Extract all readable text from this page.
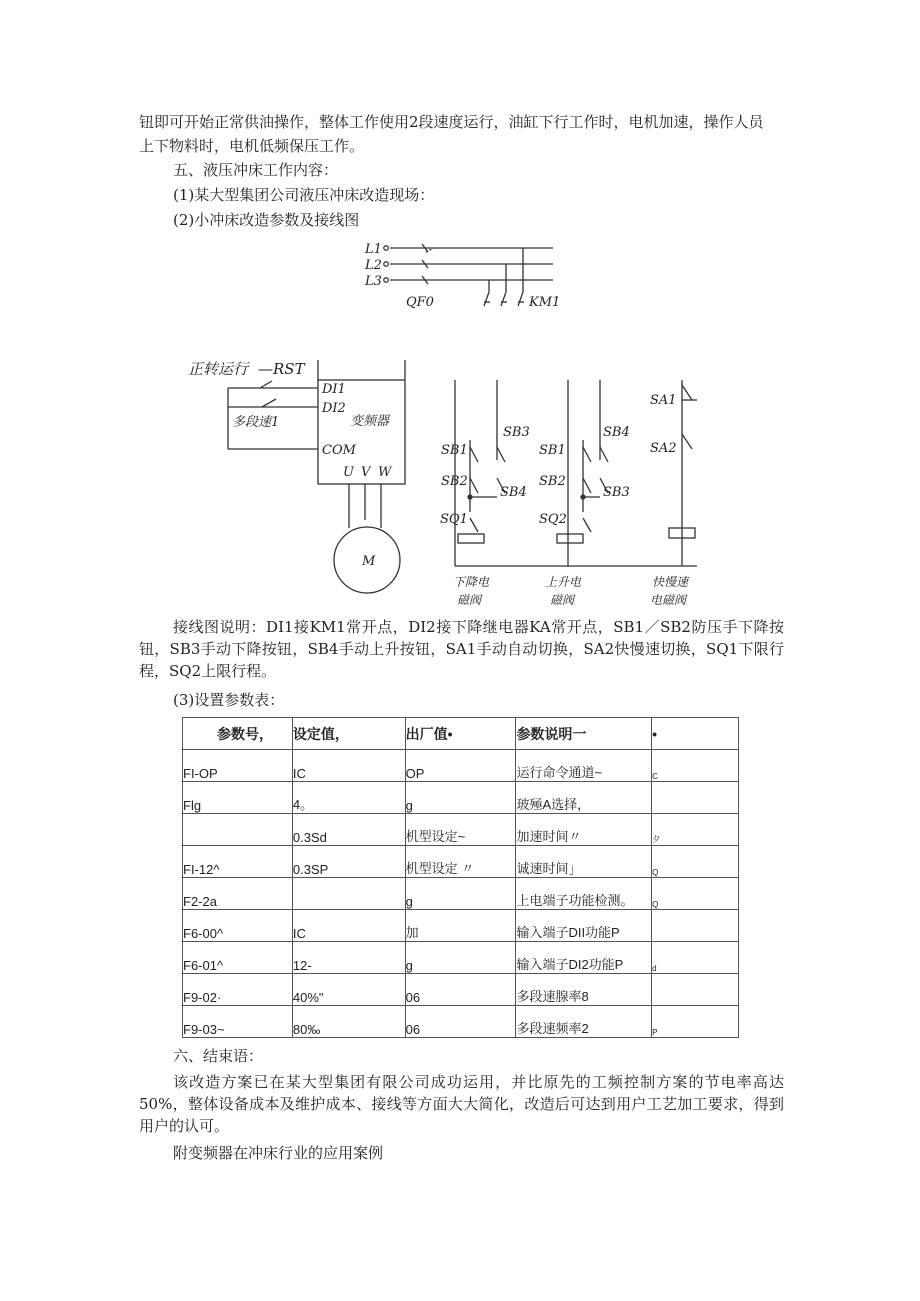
钮即可开始正常供油操作，整体工作使用2段速度运行，油缸下行工作时，电机加速，操作人员
上下物料时，电机低频保压工作。
五、液压冲床工作内容：
(1)某大型集团公司液压冲床改造现场：
(2)小冲床改造参数及接线图
L1
L2
L3
QF0	KM1
正转运行 —RST
DI1
DI2
多段速1	变频器
COM
U V W
M
SB1
SB3
SB2
SB4
SQ1
SB1
SB4
SB2
SB3
SQ2
SA1
SA2
下降电
磁阀
上升电
磁阀
快慢速
电磁阀
接线图说明：DI1接KM1常开点，DI2接下降继电器KA常开点，SB1／SB2防压手下降按钮，SB3手动下降按钮，SB4手动上升按钮，SA1手动自动切换，SA2快慢速切换，SQ1下限行程，SQ2上限行程。
(3)设置参数表：
参数号，	设定值，	出厂值•	参数说明一	•
FI-OP	IC	OP	运行命令通道~	C
Flg	4。	g	玻殛A选择，	
	0.3Sd	机型设定~	加速时间〃	夕
FI-12^	0.3SP	机型设定 〃	诚速时间」	Q
F2-2a		g	上电端子功能检测。	Q
F6-00^	IC	加	输入端子DII功能P	
F6-01^	12-	g	输入端子DI2功能P	d
F9-02·	40%"	06	多段速腺率8	
F9-03~	80‰	06	多段速频率2	P
六、结束语：
该改造方案已在某大型集团有限公司成功运用，并比原先的工频控制方案的节电率高达50%，整体设备成本及维护成本、接线等方面大大简化，改造后可达到用户工艺加工要求，得到用户的认可。
附变频器在冲床行业的应用案例
